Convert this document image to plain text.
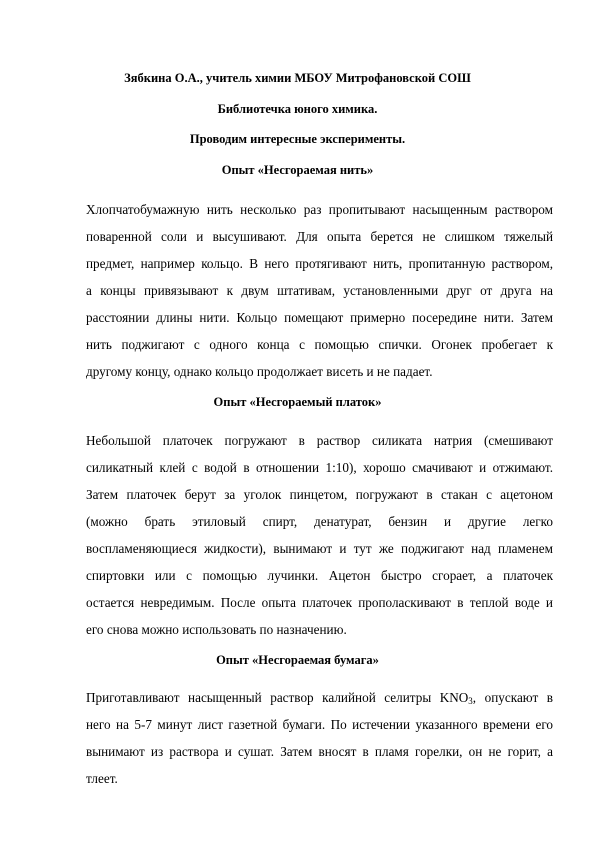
Зябкина О.А., учитель химии МБОУ Митрофановской СОШ
Библиотечка юного химика.
Проводим интересные эксперименты.
Опыт «Несгораемая нить»
Хлопчатобумажную нить несколько раз пропитывают насыщенным раствором
поваренной соли и высушивают. Для опыта берется не слишком тяжелый
предмет, например кольцо. В него протягивают нить, пропитанную раствором,
а концы привязывают к двум штативам, установленными друг от друга на
расстоянии длины нити. Кольцо помещают примерно посередине нити. Затем
нить поджигают с одного конца с помощью спички. Огонек пробегает к
другому концу, однако кольцо продолжает висеть и не падает.
Опыт «Несгораемый платок»
Небольшой платочек погружают в раствор силиката натрия (смешивают
силикатный клей с водой в отношении 1:10), хорошо смачивают и отжимают.
Затем платочек берут за уголок пинцетом, погружают в стакан с ацетоном
(можно брать этиловый спирт, денатурат, бензин и другие легко
воспламеняющиеся жидкости), вынимают и тут же поджигают над пламенем
спиртовки или с помощью лучинки. Ацетон быстро сгорает, а платочек
остается невредимым. После опыта платочек прополаскивают в теплой воде и
его снова можно использовать по назначению.
Опыт «Несгораемая бумага»
Приготавливают насыщенный раствор калийной селитры $KNO_3$, опускают в
него на 5-7 минут лист газетной бумаги. По истечении указанного времени его
вынимают из раствора и сушат. Затем вносят в пламя горелки, он не горит, а
тлеет.
